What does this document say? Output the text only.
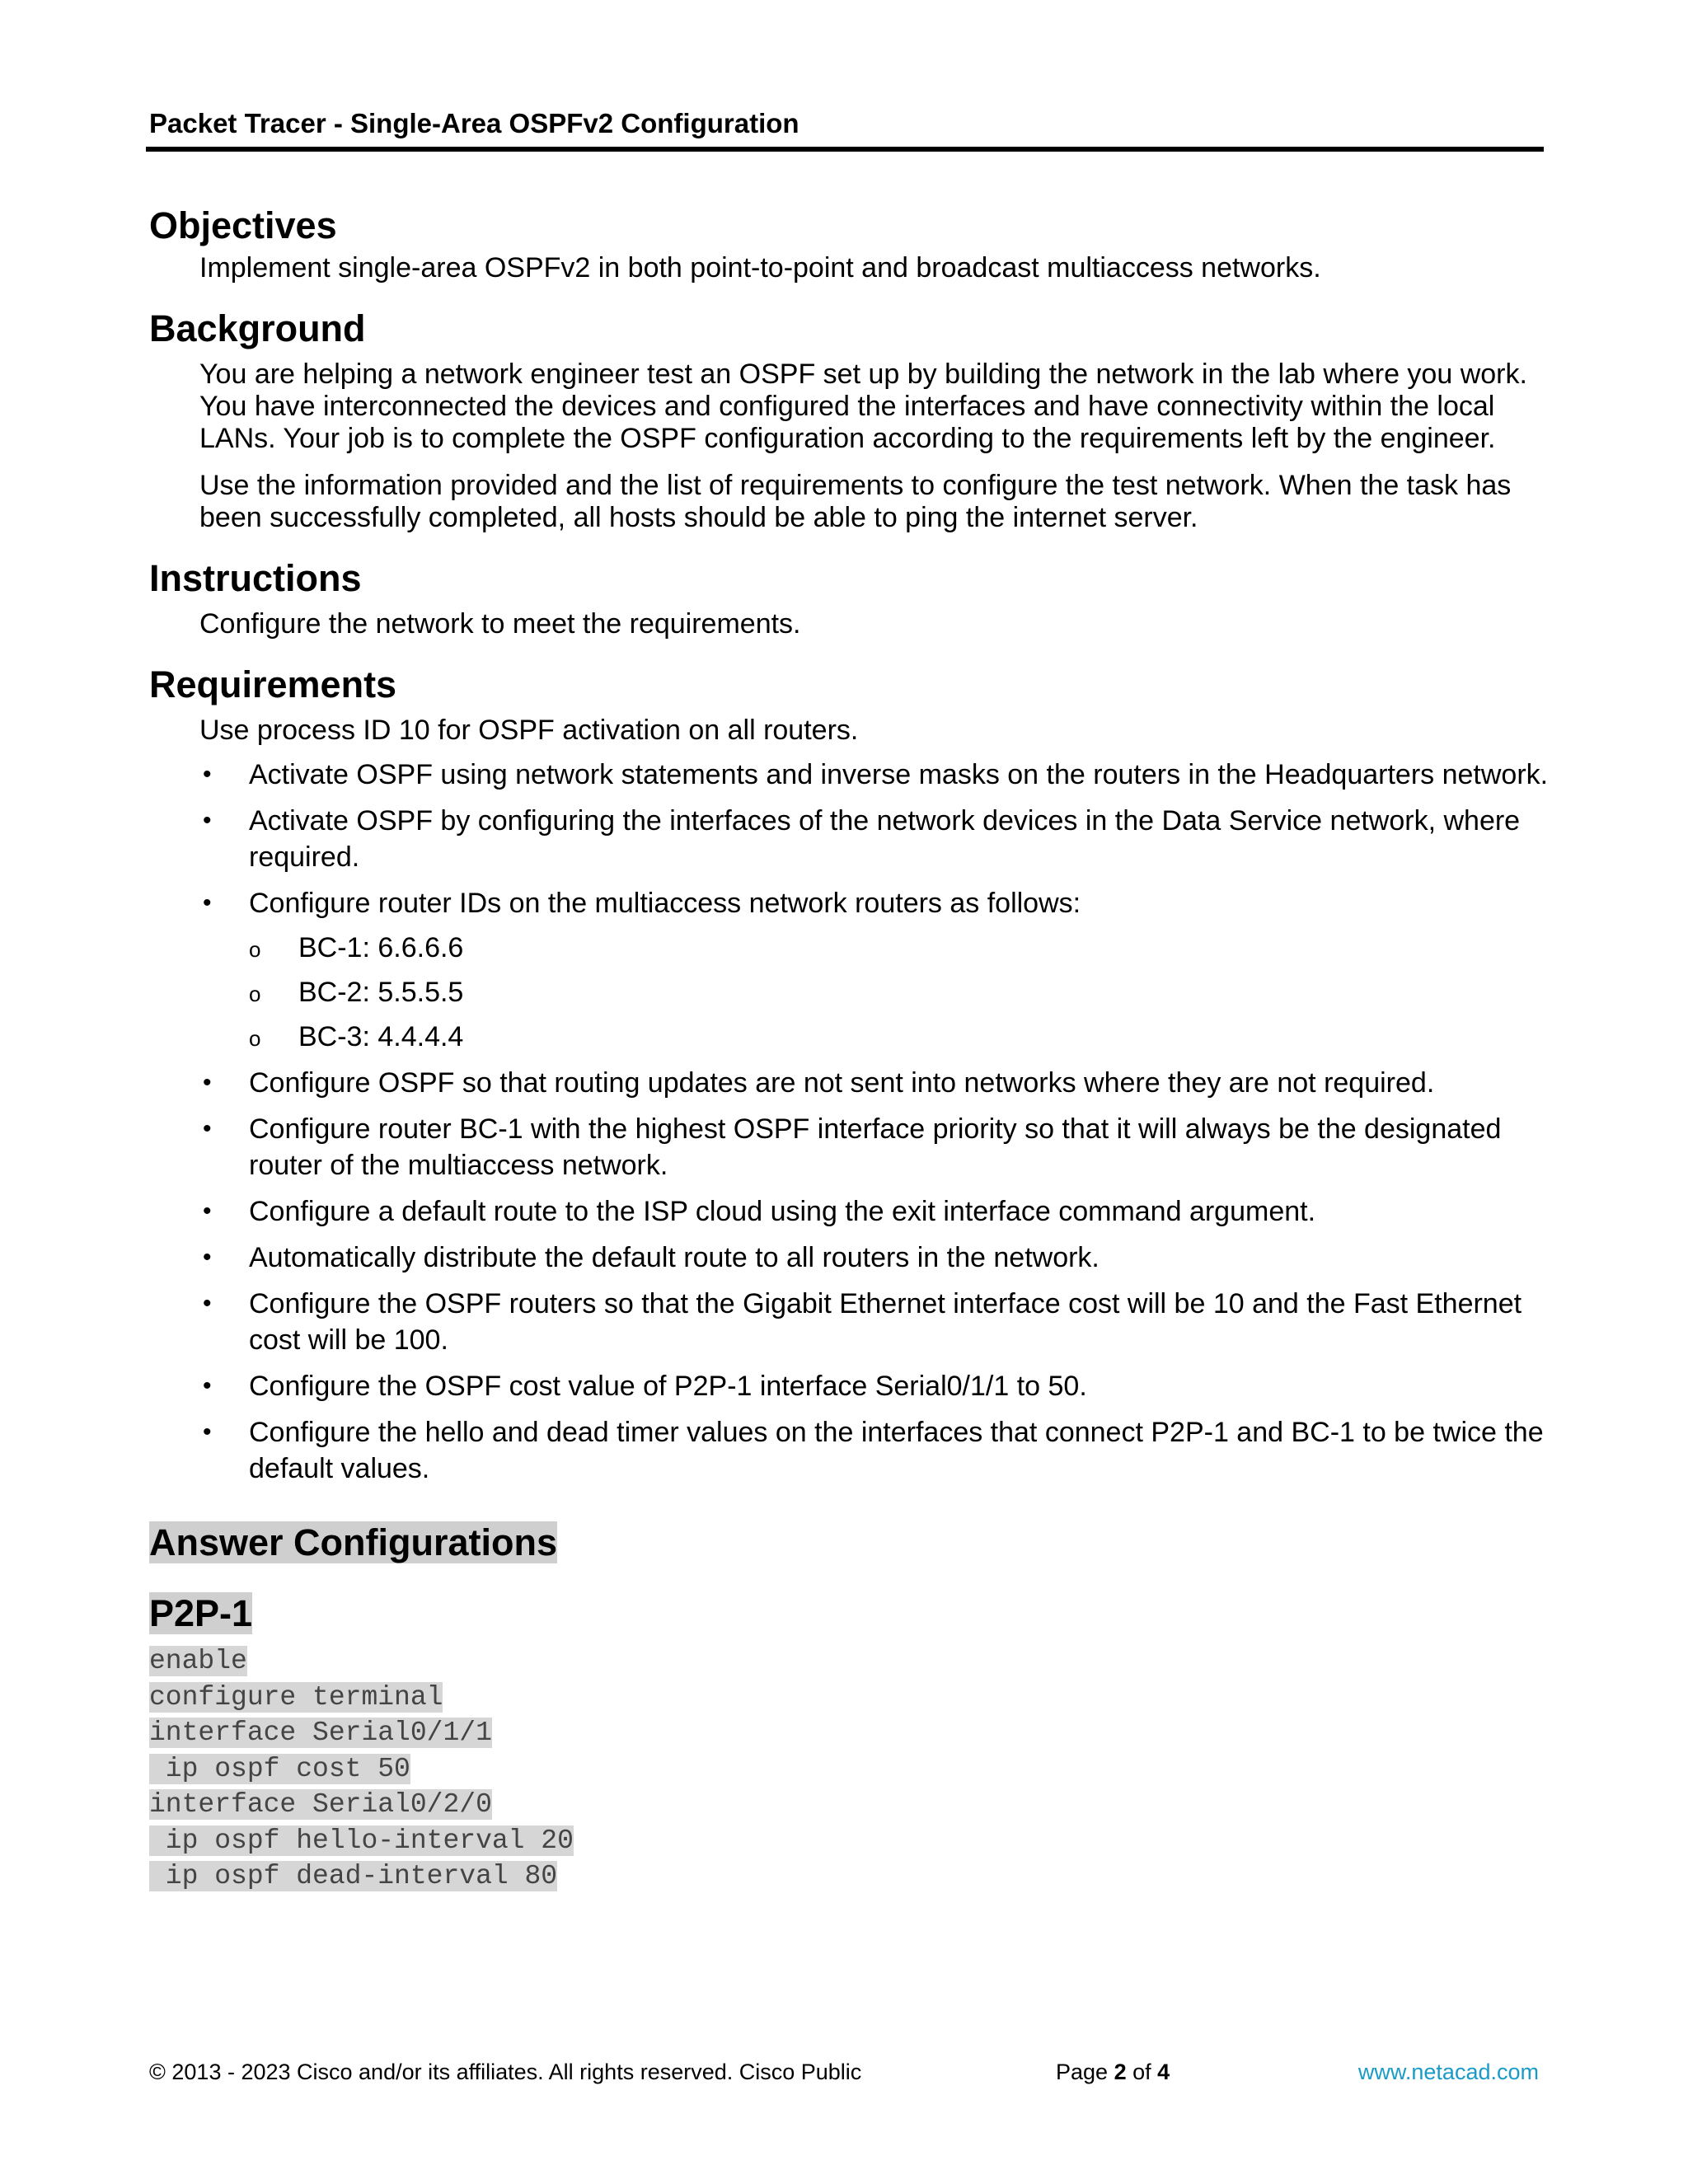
Packet Tracer - Single-Area OSPFv2 Configuration
Objectives

Implement single-area OSPFv2 in both point-to-point and broadcast multiaccess networks.

Background

You are helping a network engineer test an OSPF set up by building the network in the lab where you work. You have interconnected the devices and configured the interfaces and have connectivity within the local LANs. Your job is to complete the OSPF configuration according to the requirements left by the engineer.

Use the information provided and the list of requirements to configure the test network. When the task has been successfully completed, all hosts should be able to ping the internet server.

Instructions

Configure the network to meet the requirements.

Requirements

Use process ID 10 for OSPF activation on all routers.

• Activate OSPF using network statements and inverse masks on the routers in the Headquarters network.
• Activate OSPF by configuring the interfaces of the network devices in the Data Service network, where required.
• Configure router IDs on the multiaccess network routers as follows:
o BC-1: 6.6.6.6
o BC-2: 5.5.5.5
o BC-3: 4.4.4.4
• Configure OSPF so that routing updates are not sent into networks where they are not required.
• Configure router BC-1 with the highest OSPF interface priority so that it will always be the designated router of the multiaccess network.
• Configure a default route to the ISP cloud using the exit interface command argument.
• Automatically distribute the default route to all routers in the network.
• Configure the OSPF routers so that the Gigabit Ethernet interface cost will be 10 and the Fast Ethernet cost will be 100.
• Configure the OSPF cost value of P2P-1 interface Serial0/1/1 to 50.
• Configure the hello and dead timer values on the interfaces that connect P2P-1 and BC-1 to be twice the default values.
Answer Configurations
P2P-1
enable
configure terminal
interface Serial0/1/1
ip ospf cost 50
interface Serial0/2/0
ip ospf hello-interval 20
ip ospf dead-interval 80
© 2013 - 2023 Cisco and/or its affiliates. All rights reserved. Cisco Public	Page 2 of 4	www.netacad.com
